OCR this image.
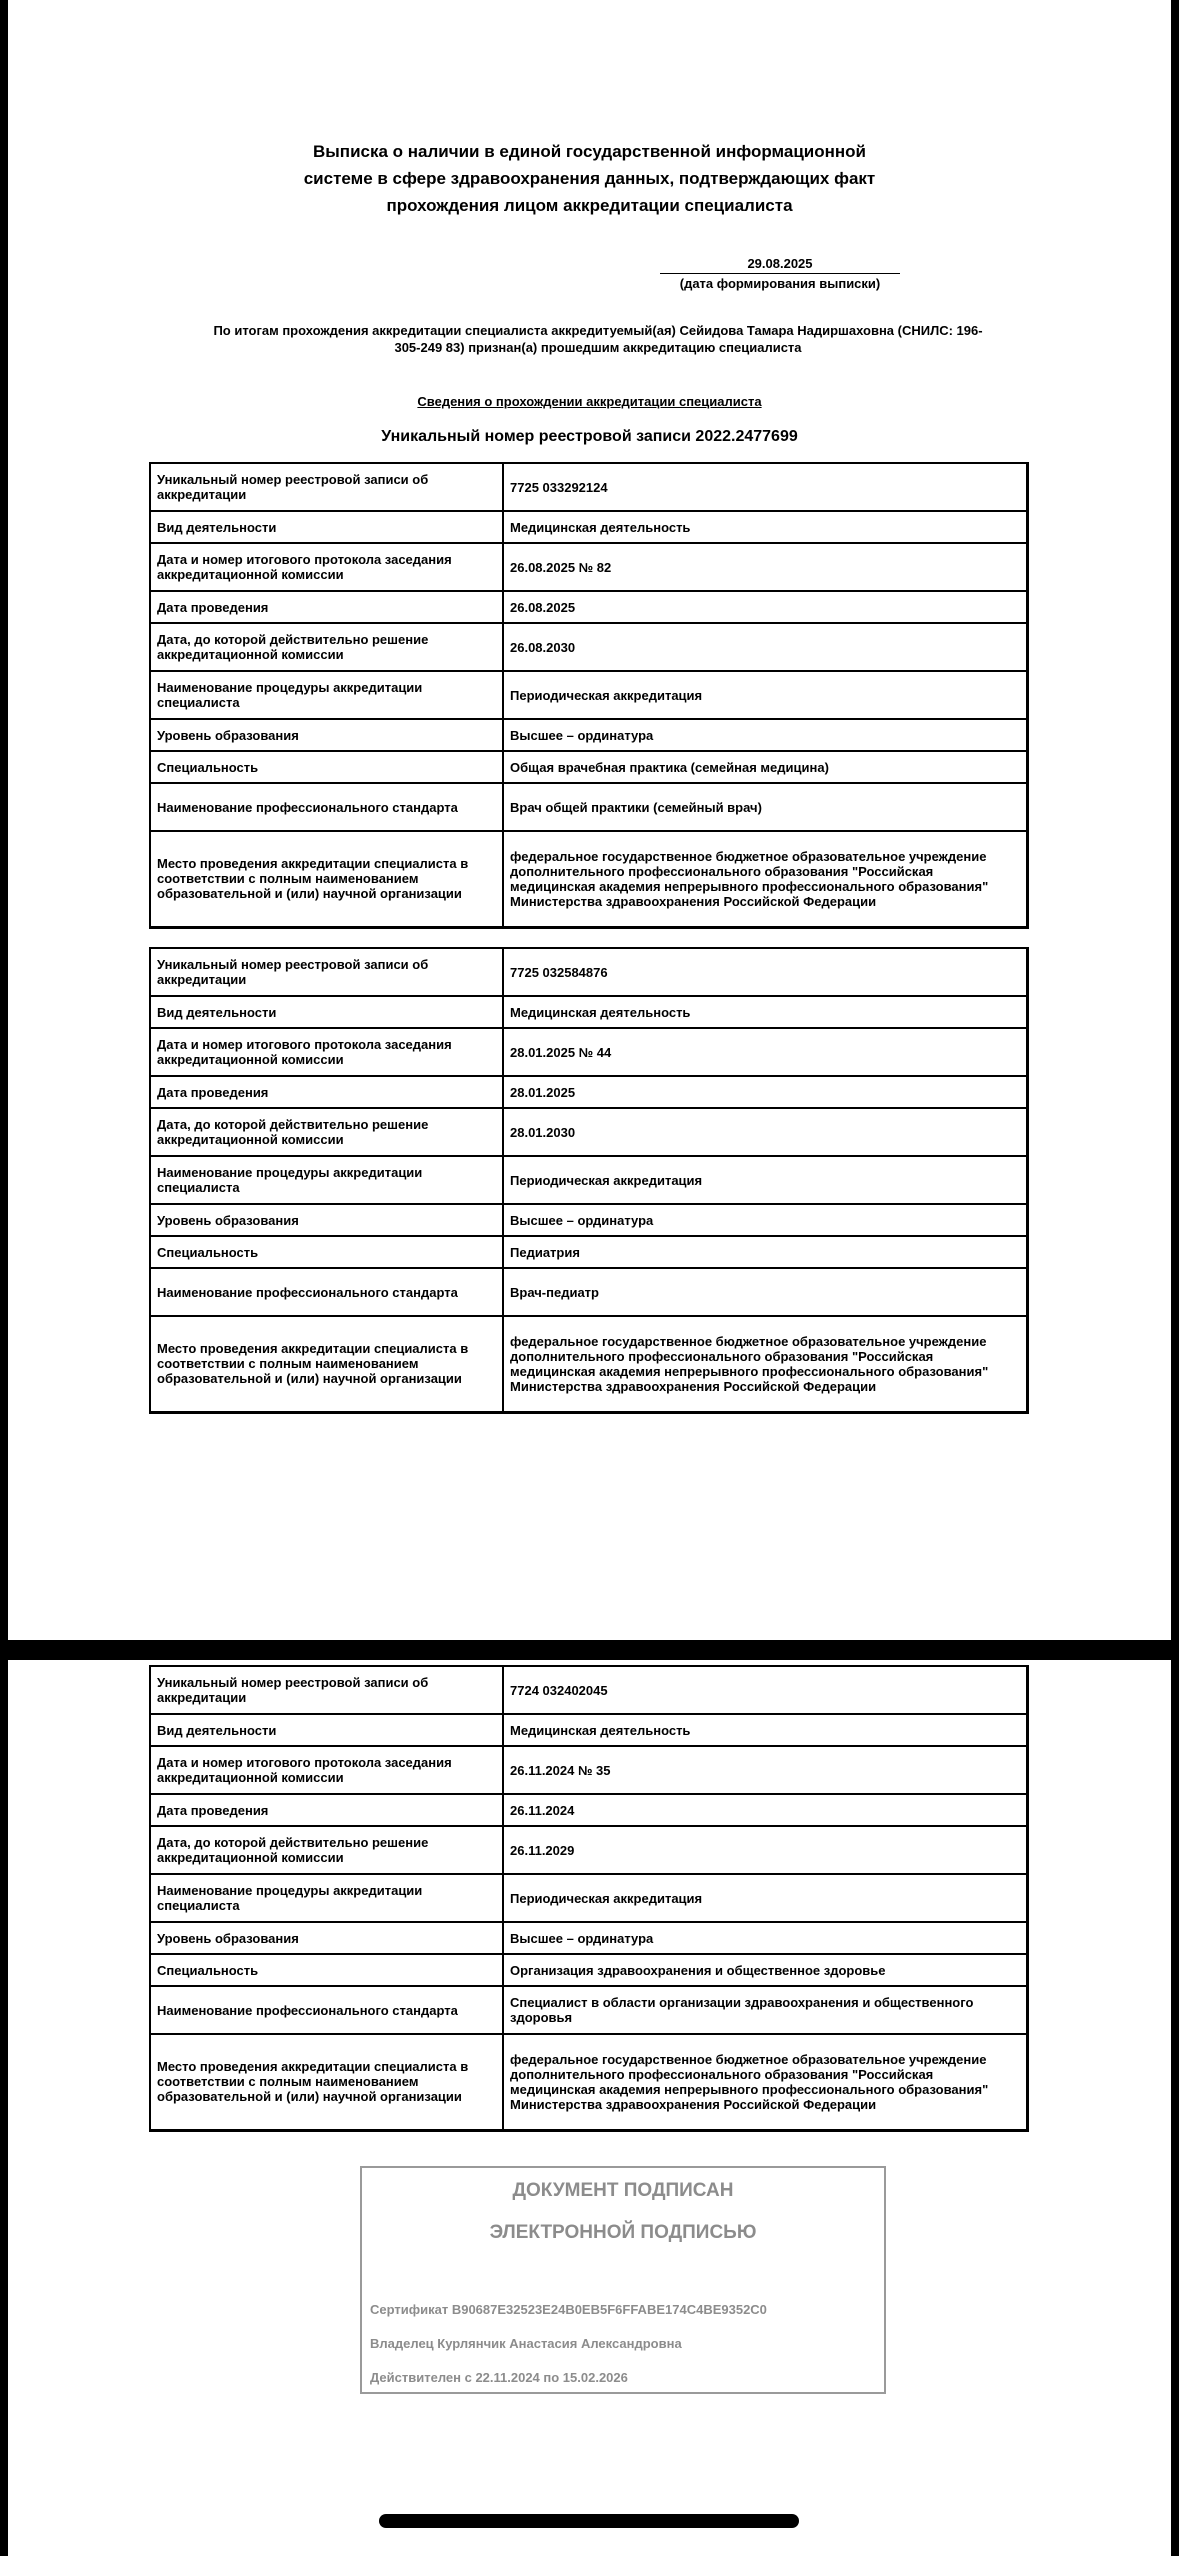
Выписка о наличии в единой государственной информационной
системе в сфере здравоохранения данных, подтверждающих факт
прохождения лицом аккредитации специалиста
29.08.2025
(дата формирования выписки)
По итогам прохождения аккредитации специалиста аккредитуемый(ая) Сейидова Тамара Надиршаховна (СНИЛС: 196-
305-249 83) признан(а) прошедшим аккредитацию специалиста
Сведения о прохождении аккредитации специалиста
Уникальный номер реестровой записи 2022.2477699
Уникальный номер реестровой записи об аккредитации	7725 033292124
Вид деятельности	Медицинская деятельность
Дата и номер итогового протокола заседания аккредитационной комиссии	26.08.2025 № 82
Дата проведения	26.08.2025
Дата, до которой действительно решение аккредитационной комиссии	26.08.2030
Наименование процедуры аккредитации специалиста	Периодическая аккредитация
Уровень образования	Высшее – ординатура
Специальность	Общая врачебная практика (семейная медицина)
Наименование профессионального стандарта	Врач общей практики (семейный врач)
Место проведения аккредитации специалиста в соответствии с полным наименованием образовательной и (или) научной организации	федеральное государственное бюджетное образовательное учреждение дополнительного профессионального образования "Российская медицинская академия непрерывного профессионального образования" Министерства здравоохранения Российской Федерации
Уникальный номер реестровой записи об аккредитации	7725 032584876
Вид деятельности	Медицинская деятельность
Дата и номер итогового протокола заседания аккредитационной комиссии	28.01.2025 № 44
Дата проведения	28.01.2025
Дата, до которой действительно решение аккредитационной комиссии	28.01.2030
Наименование процедуры аккредитации специалиста	Периодическая аккредитация
Уровень образования	Высшее – ординатура
Специальность	Педиатрия
Наименование профессионального стандарта	Врач-педиатр
Место проведения аккредитации специалиста в соответствии с полным наименованием образовательной и (или) научной организации	федеральное государственное бюджетное образовательное учреждение дополнительного профессионального образования "Российская медицинская академия непрерывного профессионального образования" Министерства здравоохранения Российской Федерации
Уникальный номер реестровой записи об аккредитации	7724 032402045
Вид деятельности	Медицинская деятельность
Дата и номер итогового протокола заседания аккредитационной комиссии	26.11.2024 № 35
Дата проведения	26.11.2024
Дата, до которой действительно решение аккредитационной комиссии	26.11.2029
Наименование процедуры аккредитации специалиста	Периодическая аккредитация
Уровень образования	Высшее – ординатура
Специальность	Организация здравоохранения и общественное здоровье
Наименование профессионального стандарта	Специалист в области организации здравоохранения и общественного здоровья
Место проведения аккредитации специалиста в соответствии с полным наименованием образовательной и (или) научной организации	федеральное государственное бюджетное образовательное учреждение дополнительного профессионального образования "Российская медицинская академия непрерывного профессионального образования" Министерства здравоохранения Российской Федерации
ДОКУМЕНТ ПОДПИСАН
ЭЛЕКТРОННОЙ ПОДПИСЬЮ
Сертификат B90687E32523E24B0EB5F6FFABE174C4BE9352C0
Владелец Курлянчик Анастасия Александровна
Действителен с 22.11.2024 по 15.02.2026
